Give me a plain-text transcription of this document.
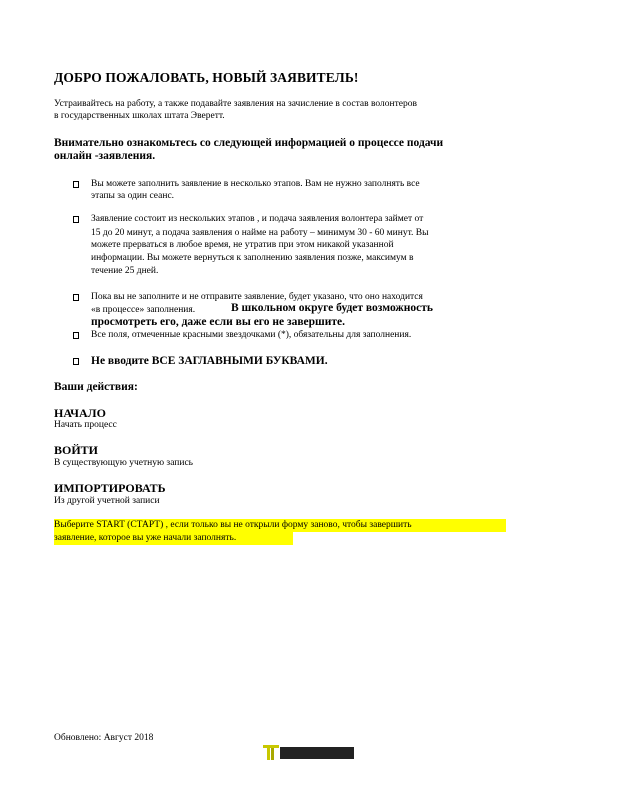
ДОБРО ПОЖАЛОВАТЬ, НОВЫЙ ЗАЯВИТЕЛЬ!
Устраивайтесь на работу, а также подавайте заявления на зачисление в состав волонтеров
в государственных школах штата Эверетт.
Внимательно ознакомьтесь со следующей информацией о процессе подачи
онлайн -заявления.
Вы можете заполнить заявление в несколько этапов. Вам не нужно заполнять все
этапы за один сеанс.
Заявление состоит из нескольких этапов , и подача заявления волонтера займет от
15 до 20 минут, а подача заявления о найме на работу – минимум 30 - 60 минут. Вы
можете прерваться в любое время, не утратив при этом никакой указанной
информации. Вы можете вернуться к заполнению заявления позже, максимум в
течение 25 дней.
Пока вы не заполните и не отправите заявление, будет указано, что оно находится
«в процессе» заполнения.	В школьном округе будет возможность
просмотреть его, даже если вы его не завершите.
Все поля, отмеченные красными звездочками (*), обязательны для заполнения.
Не вводите ВСЕ ЗАГЛАВНЫМИ БУКВАМИ.
Ваши действия:
НАЧАЛО
Начать процесс
ВОЙТИ
В существующую учетную запись
ИМПОРТИРОВАТЬ
Из другой учетной записи
Выберите START (СТАРТ) , если только вы не открыли форму заново, чтобы завершить
заявление, которое вы уже начали заполнять.
Обновлено: Август 2018
